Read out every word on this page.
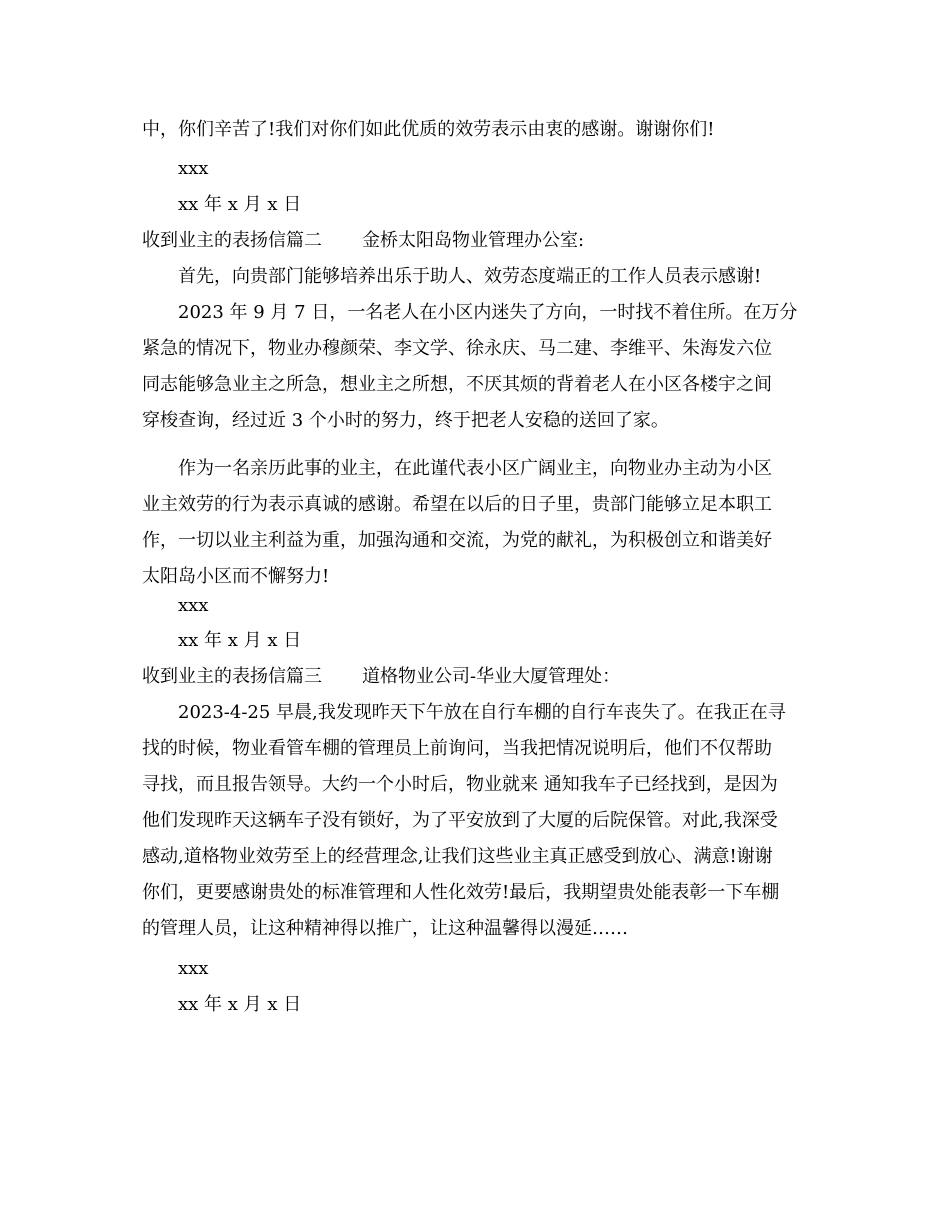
中，你们辛苦了!我们对你们如此优质的效劳表示由衷的感谢。谢谢你们!
xxx
xx 年 x 月 x 日
收到业主的表扬信篇二 金桥太阳岛物业管理办公室:
首先，向贵部门能够培养出乐于助人、效劳态度端正的工作人员表示感谢!
2023 年 9 月 7 日，一名老人在小区内迷失了方向，一时找不着住所。在万分
紧急的情况下，物业办穆颜荣、李文学、徐永庆、马二建、李维平、朱海发六位
同志能够急业主之所急，想业主之所想，不厌其烦的背着老人在小区各楼宇之间
穿梭查询，经过近 3 个小时的努力，终于把老人安稳的送回了家。
作为一名亲历此事的业主，在此谨代表小区广阔业主，向物业办主动为小区
业主效劳的行为表示真诚的感谢。希望在以后的日子里，贵部门能够立足本职工
作，一切以业主利益为重，加强沟通和交流，为党的献礼，为积极创立和谐美好
太阳岛小区而不懈努力!
xxx
xx 年 x 月 x 日
收到业主的表扬信篇三 道格物业公司-华业大厦管理处：
2023-4-25 早晨,我发现昨天下午放在自行车棚的自行车丧失了。在我正在寻
找的时候，物业看管车棚的管理员上前询问，当我把情况说明后，他们不仅帮助
寻找，而且报告领导。大约一个小时后，物业就来 通知我车子已经找到，是因为
他们发现昨天这辆车子没有锁好，为了平安放到了大厦的后院保管。对此,我深受
感动,道格物业效劳至上的经营理念,让我们这些业主真正感受到放心、满意!谢谢
你们，更要感谢贵处的标准管理和人性化效劳!最后，我期望贵处能表彰一下车棚
的管理人员，让这种精神得以推广，让这种温馨得以漫延……
xxx
xx 年 x 月 x 日
